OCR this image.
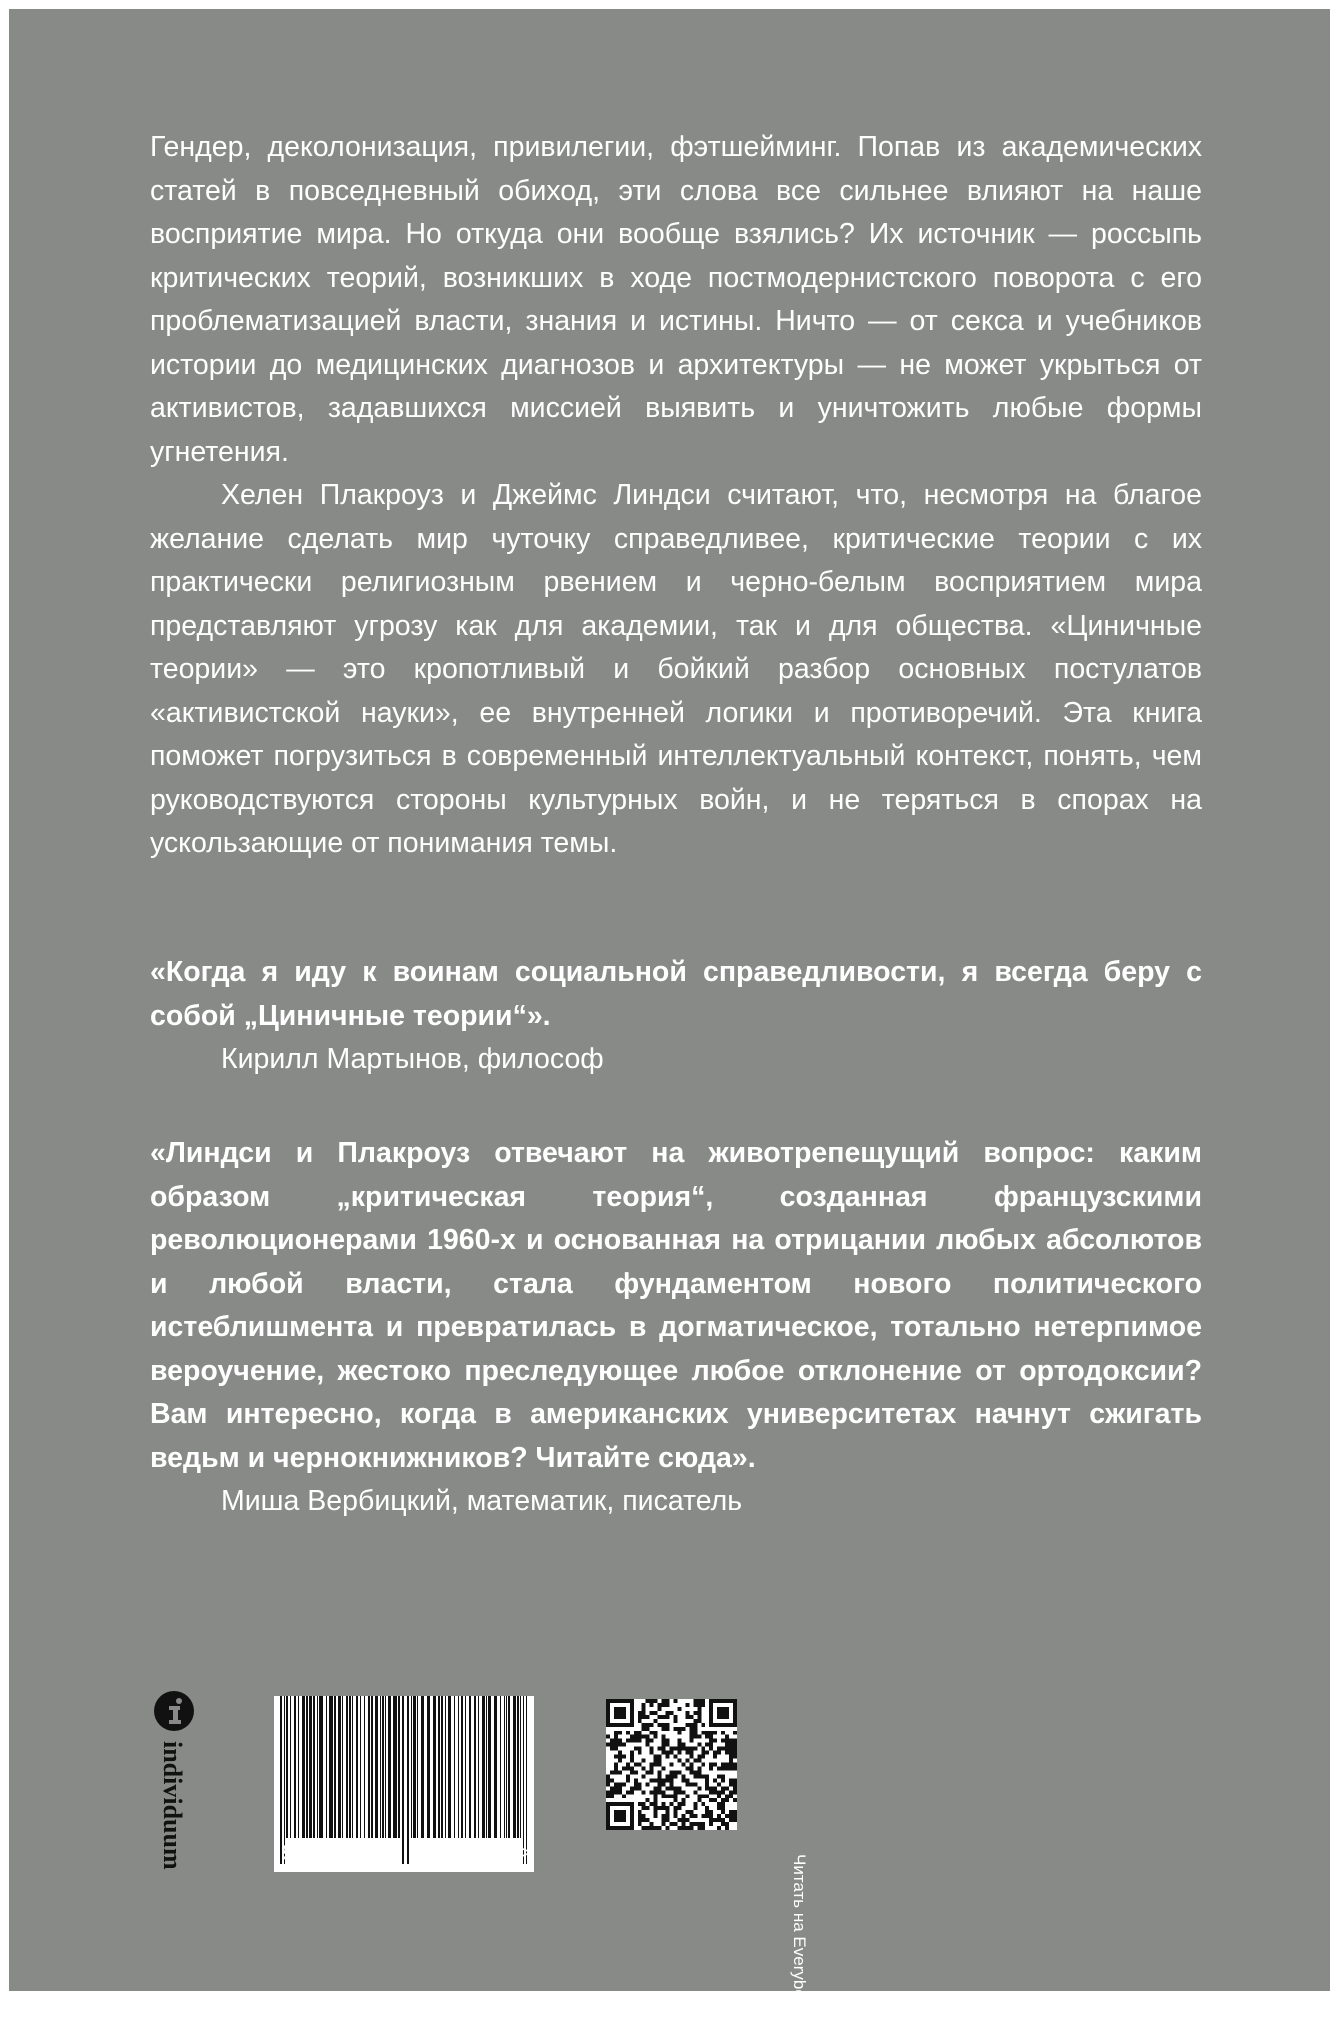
Гендер, деколонизация, привилегии, фэтшейминг. Попав из академических статей в повседневный обиход, эти слова все сильнее влияют на наше восприятие мира. Но откуда они вообще взялись? Их источник — россыпь критических теорий, возникших в ходе постмодернистского поворота с его проблематизацией власти, знания и истины. Ничто — от секса и учебников истории до медицинских диагнозов и архитектуры — не может укрыться от активистов, задавшихся миссией выявить и уничтожить любые формы угнетения.

Хелен Плакроуз и Джеймс Линдси считают, что, несмотря на благое желание сделать мир чуточку справедливее, критические теории с их практически религиозным рвением и черно-белым восприятием мира представляют угрозу как для академии, так и для общества. «Циничные теории» — это кропотливый и бойкий разбор основных постулатов «активистской науки», ее внутренней логики и противоречий. Эта книга поможет погрузиться в современный интеллектуальный контекст, понять, чем руководствуются стороны культурных войн, и не теряться в спорах на ускользающие от понимания темы.

«Когда я иду к воинам социальной справедливости, я всегда беру с собой „Циничные теории“».

Кирилл Мартынов, философ

«Линдси и Плакроуз отвечают на животрепещущий вопрос: каким образом „критическая теория“, созданная французскими революционерами 1960-х и основанная на отрицании любых абсолютов и любой власти, стала фундаментом нового политического истеблишмента и превратилась в догматическое, тотально нетерпимое вероучение, жестоко преследующее любое отклонение от ортодоксии? Вам интересно, когда в американских университетах начнут сжигать ведьм и чернокнижников? Читайте сюда».

Миша Вербицкий, математик, писатель

individuum	9 785604 687727 >	Читать на Everybook
